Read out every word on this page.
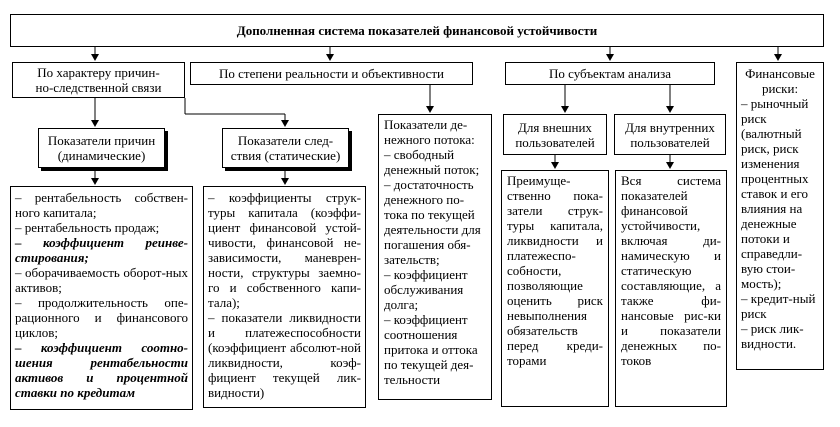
Дополненная система показателей финансовой устойчивости
По характеру причин-
но-следственной связи
По степени реальности и объективности	По субъектам анализа	Финансовые риски:
– рыночный риск (валютный риск, риск изменения процентных ставок и его влияния на денежные потоки и справедли-вую стои-мость);
– кредит-ный риск
– риск лик-видности.
Показатели причин
(динамические)
Показатели след-
ствия (статические)
Показатели де-нежного потока:
– свободный денежный поток;
– достаточность денежного по-тока по текущей деятельности для погашения обя-зательств;
– коэффициент обслуживания долга;
– коэффициент соотношения притока и оттока по текущей дея-тельности
Для внешних
пользователей
Для внутренних
пользователей
– рентабельность собствен-ного капитала;
– рентабельность продаж;
– коэффициент реинве-стирования;
– оборачиваемость оборот-ных активов;
– продолжительность опе-рационного и финансового циклов;
– коэффициент соотно-шения рентабельности активов и процентной ставки по кредитам
– коэффициенты струк-туры капитала (коэффи-циент финансовой устой-чивости, финансовой не-зависимости, маневрен-ности, структуры заемно-го и собственного капи-тала);
– показатели ликвидности и платежеспособности (коэффициент абсолют-ной ликвидности, коэф-фициент текущей лик-видности)
Преимуще-ственно пока-затели струк-туры капитала, ликвидности и платежеспо-собности, позволяющие оценить риск невыполнения обязательств перед креди-торами
Вся система показателей финансовой устойчивости, включая ди-намическую и статическую составляющие, а также фи-нансовые рис-ки и показатели денежных по-токов
